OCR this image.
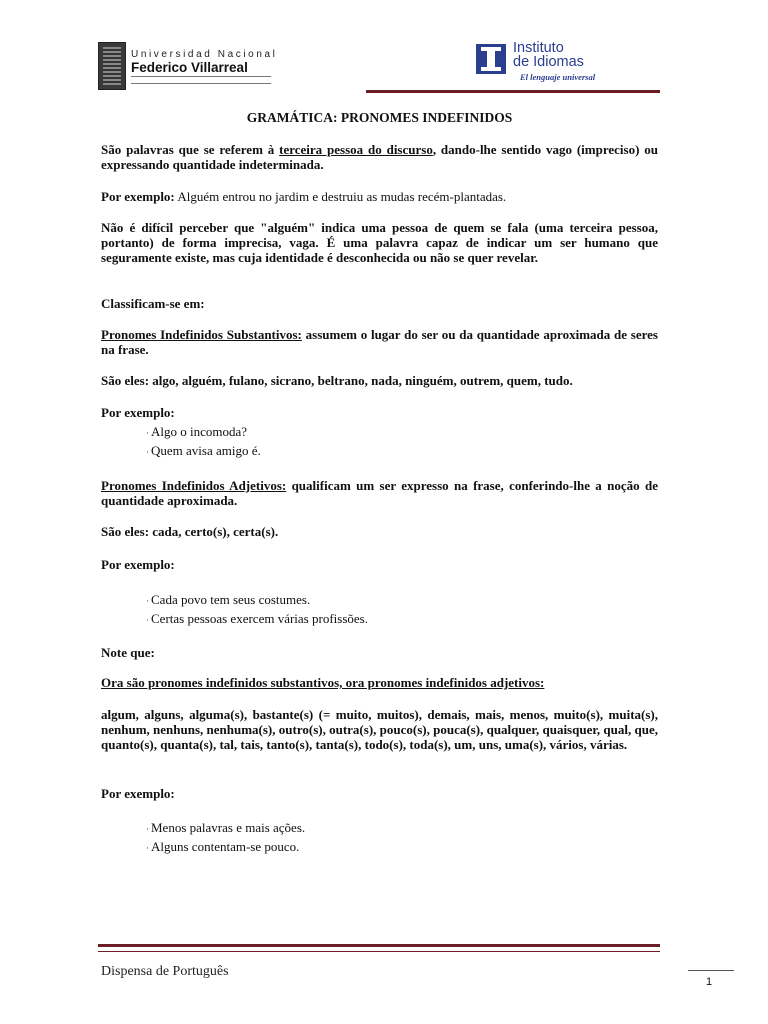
Universidad Nacional
Federico Villarreal
Instituto
de Idiomas
El lenguaje universal
GRAMÁTICA: PRONOMES INDEFINIDOS
São palavras que se referem à terceira pessoa do discurso, dando-lhe sentido vago (impreciso) ou expressando quantidade indeterminada.
Por exemplo: Alguém entrou no jardim e destruiu as mudas recém-plantadas.
Não é difícil perceber que "alguém" indica uma pessoa de quem se fala (uma terceira pessoa, portanto) de forma imprecisa, vaga. É uma palavra capaz de indicar um ser humano que seguramente existe, mas cuja identidade é desconhecida ou não se quer revelar.
Classificam-se em:
Pronomes Indefinidos Substantivos: assumem o lugar do ser ou da quantidade aproximada de seres na frase.
São eles: algo, alguém, fulano, sicrano, beltrano, nada, ninguém, outrem, quem, tudo.
Por exemplo:
· Algo o incomoda?
· Quem avisa amigo é.
Pronomes Indefinidos Adjetivos: qualificam um ser expresso na frase, conferindo-lhe a noção de quantidade aproximada.
São eles: cada, certo(s), certa(s).
Por exemplo:
· Cada povo tem seus costumes.
· Certas pessoas exercem várias profissões.
Note que:
Ora são pronomes indefinidos substantivos, ora pronomes indefinidos adjetivos:
algum, alguns, alguma(s), bastante(s) (= muito, muitos), demais, mais, menos, muito(s), muita(s), nenhum, nenhuns, nenhuma(s), outro(s), outra(s), pouco(s), pouca(s), qualquer, quaisquer, qual, que, quanto(s), quanta(s), tal, tais, tanto(s), tanta(s), todo(s), toda(s), um, uns, uma(s), vários, várias.
Por exemplo:
· Menos palavras e mais ações.
· Alguns contentam-se pouco.
Dispensa de Português
1
